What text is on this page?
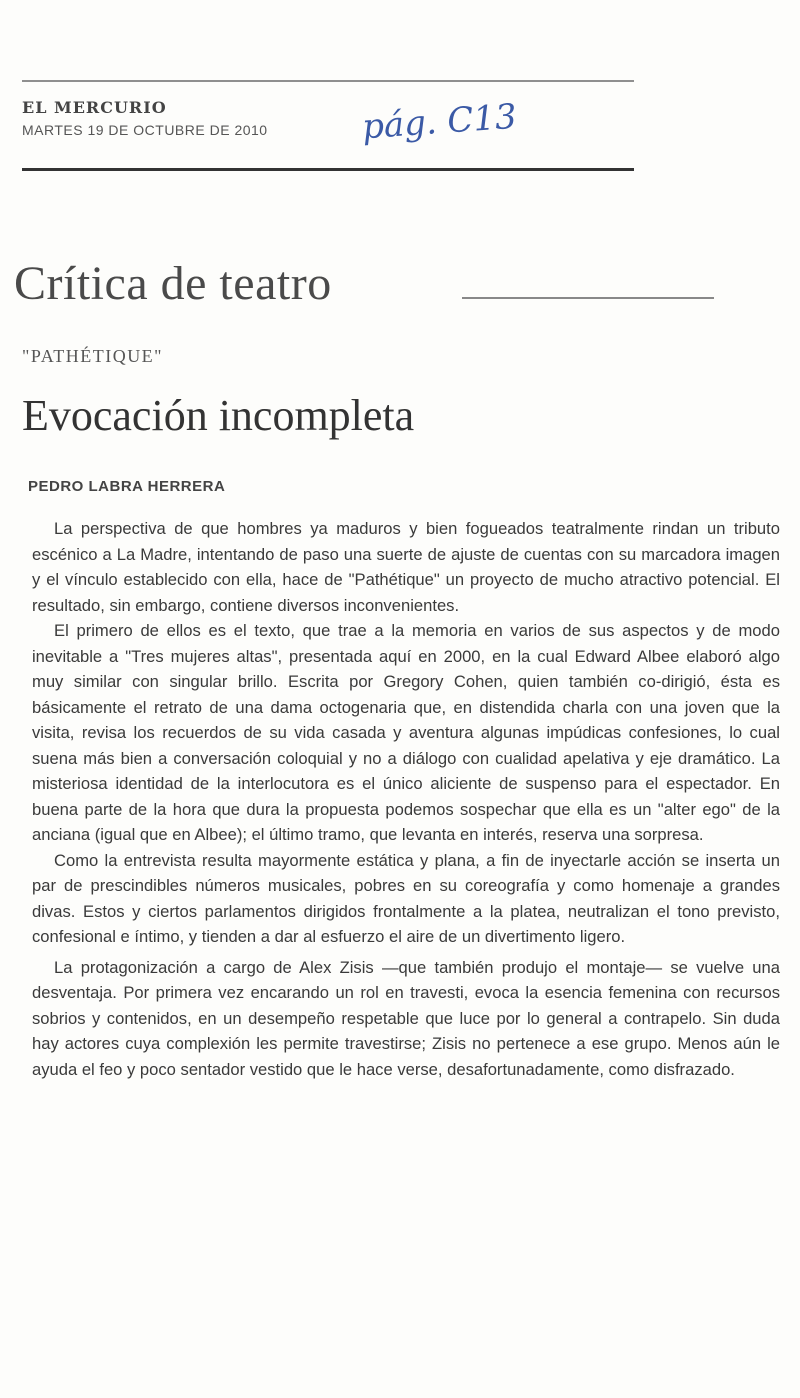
EL MERCURIO
MARTES 19 DE OCTUBRE DE 2010	pág. C13
Crítica de teatro
"PATHÉTIQUE"
Evocación incompleta
PEDRO LABRA HERRERA

La perspectiva de que hombres ya maduros y bien fogueados teatralmente rindan un tributo escénico a La Madre, intentando de paso una suerte de ajuste de cuentas con su marcadora imagen y el vínculo establecido con ella, hace de "Pathétique" un proyecto de mucho atractivo potencial. El resultado, sin embargo, contiene diversos inconvenientes.

El primero de ellos es el texto, que trae a la memoria en varios de sus aspectos y de modo inevitable a "Tres mujeres altas", presentada aquí en 2000, en la cual Edward Albee elaboró algo muy similar con singular brillo. Escrita por Gregory Cohen, quien también co-dirigió, ésta es básicamente el retrato de una dama octogenaria que, en distendida charla con una joven que la visita, revisa los recuerdos de su vida casada y aventura algunas impúdicas confesiones, lo cual suena más bien a conversación coloquial y no a diálogo con cualidad apelativa y eje dramático. La misteriosa identidad de la interlocutora es el único aliciente de suspenso para el espectador. En buena parte de la hora que dura la propuesta podemos sospechar que ella es un "alter ego" de la anciana (igual que en Albee); el último tramo, que levanta en interés, reserva una sorpresa.

Como la entrevista resulta mayormente estática y plana, a fin de inyectarle acción se inserta un par de prescindibles números musicales, pobres en su coreografía y como homenaje a grandes divas. Estos y ciertos parlamentos dirigidos frontalmente a la platea, neutralizan el tono previsto, confesional e íntimo, y tienden a dar al esfuerzo el aire de un divertimento ligero.

La protagonización a cargo de Alex Zisis —que también produjo el montaje— se vuelve una desventaja. Por primera vez encarando un rol en travesti, evoca la esencia femenina con recursos sobrios y contenidos, en un desempeño respetable que luce por lo general a contrapelo. Sin duda hay actores cuya complexión les permite travestirse; Zisis no pertenece a ese grupo. Menos aún le ayuda el feo y poco sentador vestido que le hace verse, desafortunadamente, como disfrazado.
